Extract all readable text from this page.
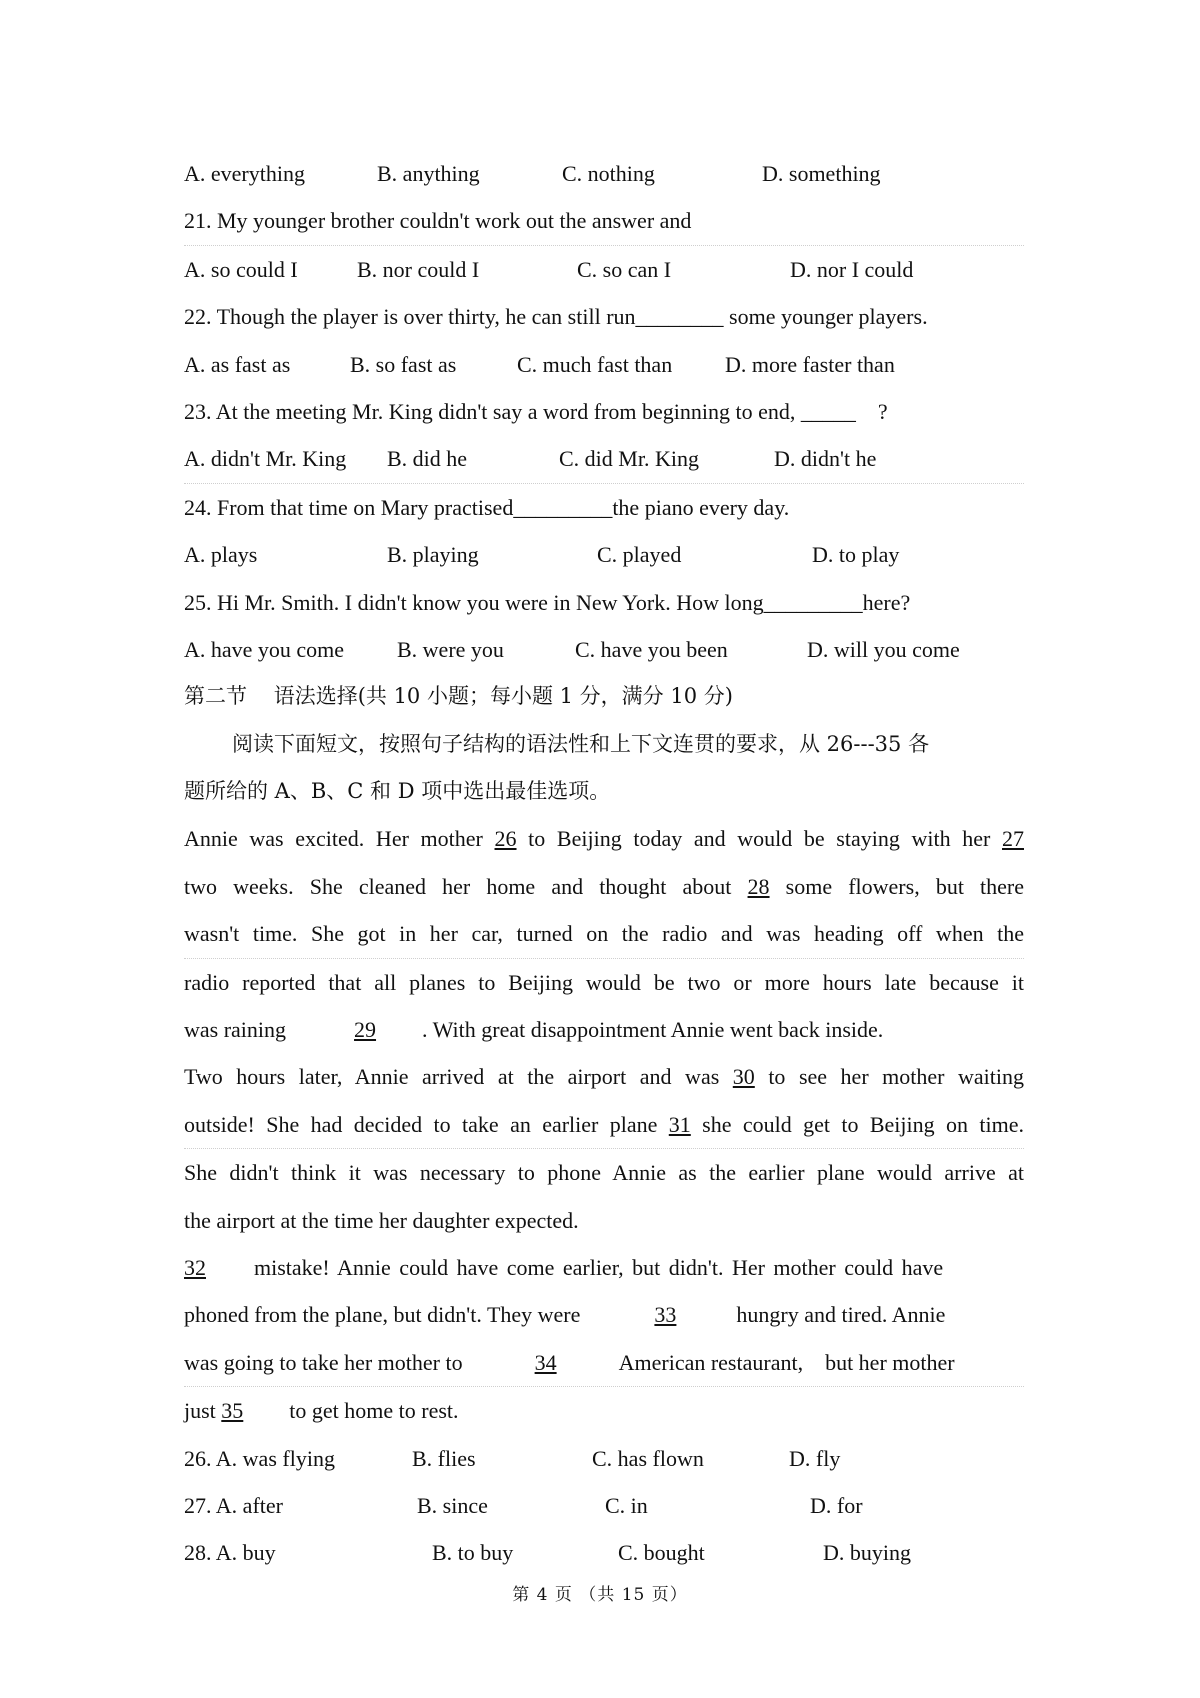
A. everything	B. anything	C. nothing	D. something
21. My younger brother couldn't work out the answer and
A. so could I	B. nor could I	C. so can I	D. nor I could
22. Though the player is over thirty, he can still run________ some younger players.
A. as fast as	B. so fast as	C. much fast than	D. more faster than
23. At the meeting Mr. King didn't say a word from beginning to end, _____    ?
A. didn't Mr. King	B. did he	C. did Mr. King	D. didn't he
24. From that time on Mary practised_________the piano every day.
A. plays	B. playing	C. played	D. to play
25. Hi Mr. Smith. I didn't know you were in New York. How long_________here?
A. have you come	B. were you	C. have you been	D. will you come
第二节    语法选择(共 10 小题；每小题 1 分，满分 10 分)
阅读下面短文，按照句子结构的语法性和上下文连贯的要求，从 26---35 各
题所给的 A、B、C 和 D 项中选出最佳选项。
Annie was excited. Her mother 26 to Beijing today and would be staying with her 27
two weeks. She cleaned her home and thought about 28 some flowers, but there
wasn't time. She got in her car, turned on the radio and was heading off when the
radio reported that all planes to Beijing would be two or more hours late because it
was raining	29 . With great disappointment Annie went back inside.
Two hours later, Annie arrived at the airport and was 30 to see her mother waiting
outside! She had decided to take an earlier plane 31 she could get to Beijing on time.
She didn't think it was necessary to phone Annie as the earlier plane would arrive at
the airport at the time her daughter expected.
32 mistake! Annie could have come earlier, but didn't. Her mother could have
phoned from the plane, but didn't. They were	33	hungry and tired. Annie
was going to take her mother to	34	American restaurant,    but her mother
just 35 to get home to rest.
26. A. was flying	B. flies	C. has flown	D. fly
27. A. after	B. since	C. in	D. for
28. A. buy	B. to buy	C. bought	D. buying
第 4 页 （共 15 页）
